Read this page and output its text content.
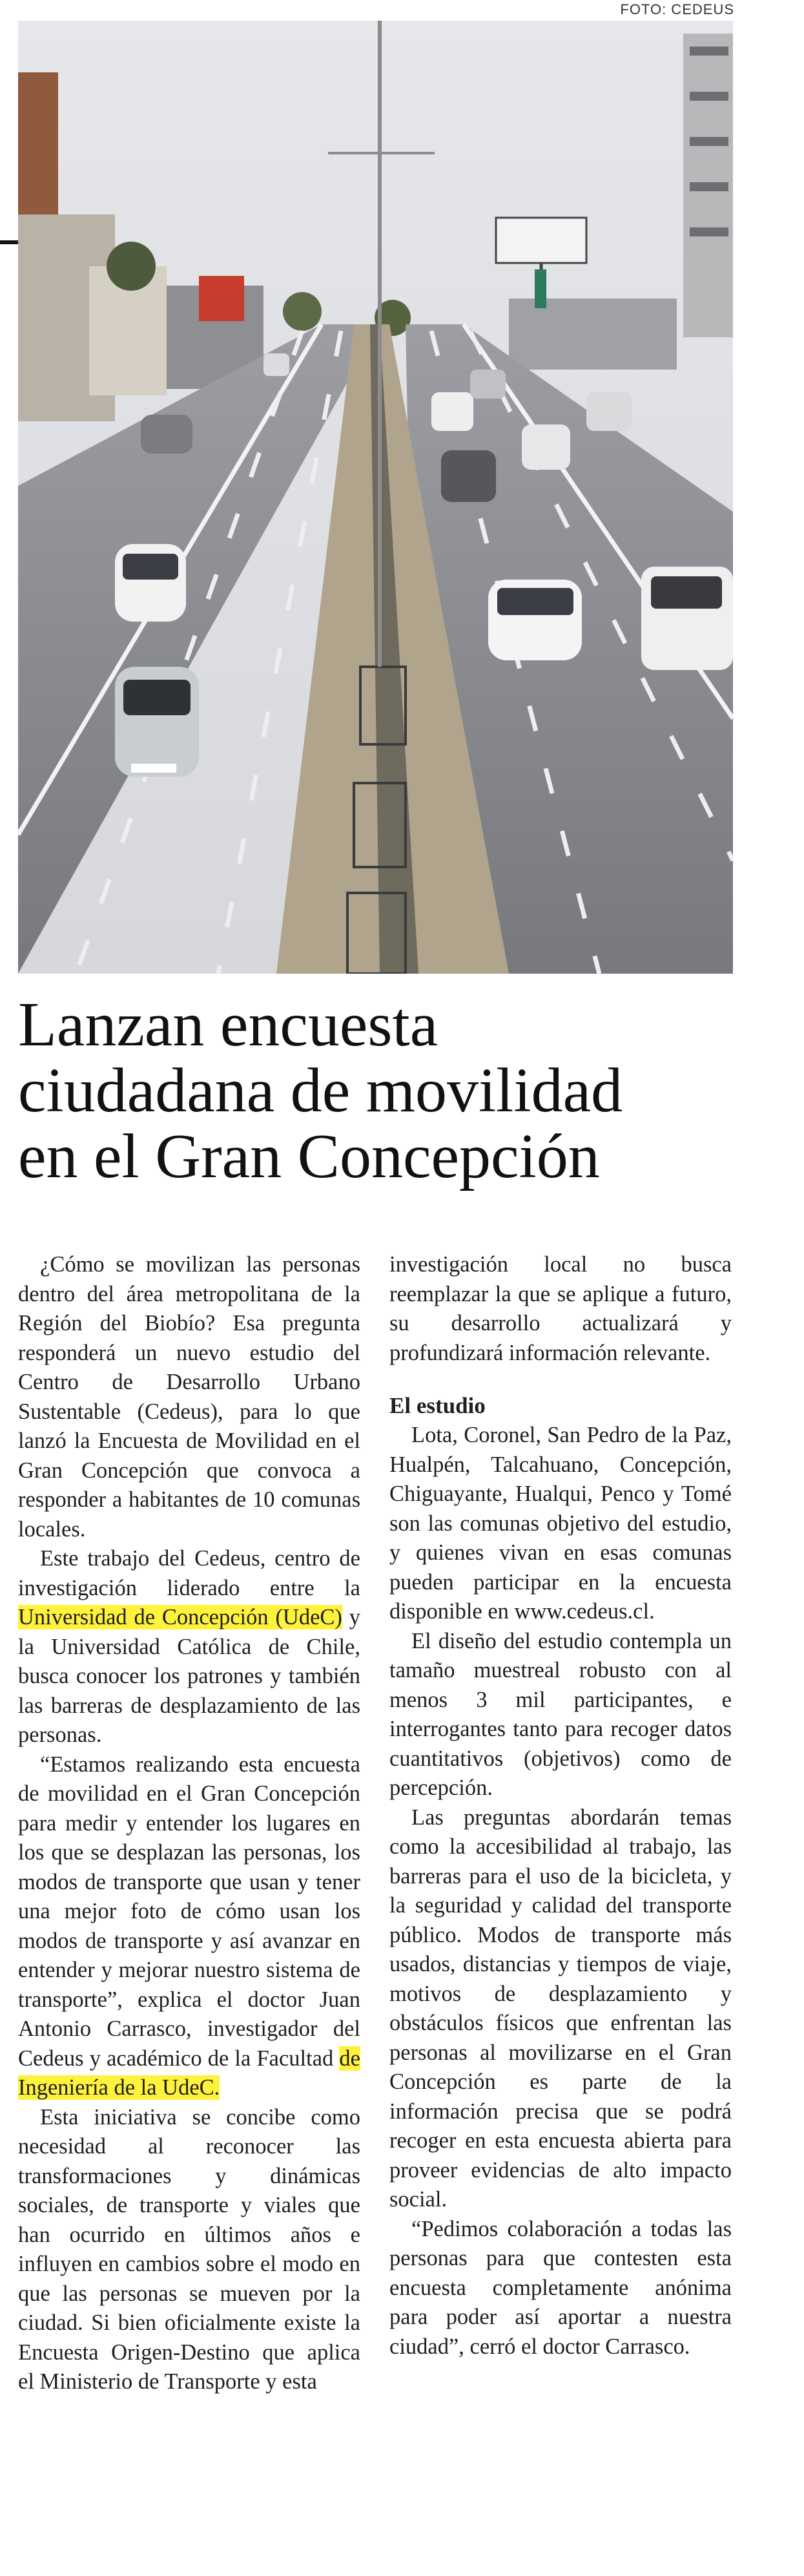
FOTO: CEDEUS
Lanzan encuesta
ciudadana de movilidad
en el Gran Concepción

¿Cómo se movilizan las personas dentro del área metropolitana de la Región del Biobío? Esa pregunta responderá un nuevo estudio del Centro de Desarrollo Urbano Sustentable (Cedeus), para lo que lanzó la Encuesta de Movilidad en el Gran Concepción que convoca a responder a habitantes de 10 comunas locales.

Este trabajo del Cedeus, centro de investigación liderado entre la Universidad de Concepción (UdeC) y la Universidad Católica de Chile, busca conocer los patrones y también las barreras de desplazamiento de las personas.

“Estamos realizando esta encuesta de movilidad en el Gran Concepción para medir y entender los lugares en los que se desplazan las personas, los modos de transporte que usan y tener una mejor foto de cómo usan los modos de transporte y así avanzar en entender y mejorar nuestro sistema de transporte”, explica el doctor Juan Antonio Carrasco, investigador del Cedeus y académico de la Facultad de Ingeniería de la UdeC.

Esta iniciativa se concibe como necesidad al reconocer las transformaciones y dinámicas sociales, de transporte y viales que han ocurrido en últimos años e influyen en cambios sobre el modo en que las personas se mueven por la ciudad. Si bien oficialmente existe la Encuesta Origen-Destino que aplica el Ministerio de Transporte y esta

investigación local no busca reemplazar la que se aplique a futuro, su desarrollo actualizará y profundizará información relevante.

El estudio

Lota, Coronel, San Pedro de la Paz, Hualpén, Talcahuano, Concepción, Chiguayante, Hualqui, Penco y Tomé son las comunas objetivo del estudio, y quienes vivan en esas comunas pueden participar en la encuesta disponible en www.cedeus.cl.

El diseño del estudio contempla un tamaño muestreal robusto con al menos 3 mil participantes, e interrogantes tanto para recoger datos cuantitativos (objetivos) como de percepción.

Las preguntas abordarán temas como la accesibilidad al trabajo, las barreras para el uso de la bicicleta, y la seguridad y calidad del transporte público. Modos de transporte más usados, distancias y tiempos de viaje, motivos de desplazamiento y obstáculos físicos que enfrentan las personas al movilizarse en el Gran Concepción es parte de la información precisa que se podrá recoger en esta encuesta abierta para proveer evidencias de alto impacto social.

“Pedimos colaboración a todas las personas para que contesten esta encuesta completamente anónima para poder así aportar a nuestra ciudad”, cerró el doctor Carrasco.
